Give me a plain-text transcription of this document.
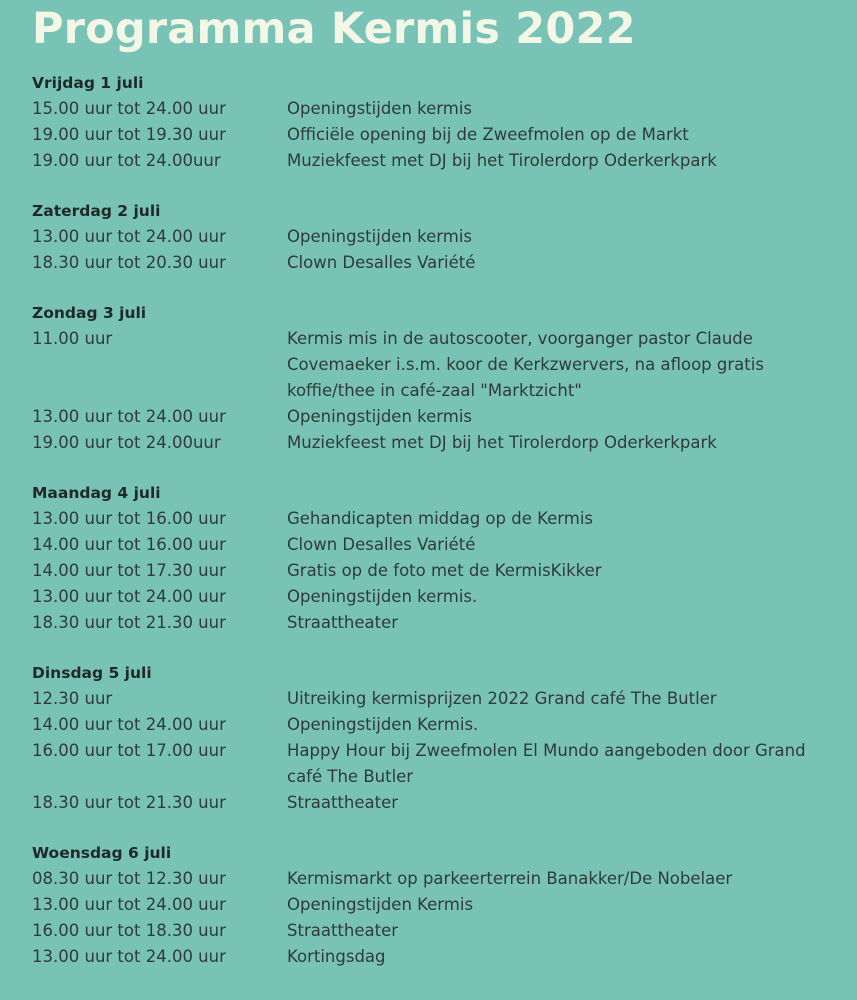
Programma Kermis 2022
Vrijdag 1 juli
15.00 uur tot 24.00 uur	Openingstijden kermis
19.00 uur tot 19.30 uur	Officiële opening bij de Zweefmolen op de Markt
19.00 uur tot 24.00uur	Muziekfeest met DJ bij het Tirolerdorp Oderkerkpark
Zaterdag 2 juli
13.00 uur tot 24.00 uur	Openingstijden kermis
18.30 uur tot 20.30 uur	Clown Desalles Variété
Zondag 3 juli
11.00 uur	Kermis mis in de autoscooter, voorganger pastor Claude Covemaeker i.s.m. koor de Kerkzwervers, na afloop gratis koffie/thee in café-zaal "Marktzicht"
13.00 uur tot 24.00 uur	Openingstijden kermis
19.00 uur tot 24.00uur	Muziekfeest met DJ bij het Tirolerdorp Oderkerkpark
Maandag 4 juli
13.00 uur tot 16.00 uur	Gehandicapten middag op de Kermis
14.00 uur tot 16.00 uur	Clown Desalles Variété
14.00 uur tot 17.30 uur	Gratis op de foto met de KermisKikker
13.00 uur tot 24.00 uur	Openingstijden kermis.
18.30 uur tot 21.30 uur	Straattheater
Dinsdag 5 juli
12.30 uur	Uitreiking kermisprijzen 2022 Grand café The Butler
14.00 uur tot 24.00 uur	Openingstijden Kermis.
16.00 uur tot 17.00 uur	Happy Hour bij Zweefmolen El Mundo aangeboden door Grand café The Butler
18.30 uur tot 21.30 uur	Straattheater
Woensdag 6 juli
08.30 uur tot 12.30 uur	Kermismarkt op parkeerterrein Banakker/De Nobelaer
13.00 uur tot 24.00 uur	Openingstijden Kermis
16.00 uur tot 18.30 uur	Straattheater
13.00 uur tot 24.00 uur	Kortingsdag
